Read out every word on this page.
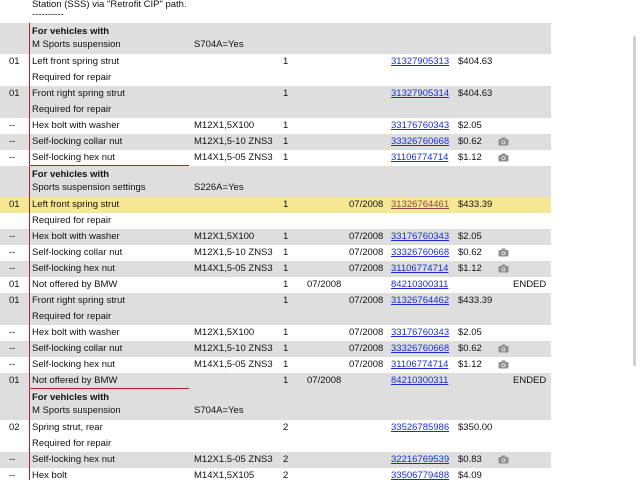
Station (SSS) via "Retrofit CIP" path.
----------
For vehicles with
M Sports suspension	S704A=Yes
01 Left front spring strut	1	31327905313 $404.63
Required for repair
01 Front right spring strut	1	31327905314 $404.63
Required for repair
-- Hex bolt with washer	M12X1,5X100	1	33176760343 $2.05
-- Self-locking collar nut	M12X1,5-10 ZNS3 1	33326760668 $0.62
-- Self-locking hex nut	M14X1,5-05 ZNS3 1	31106774714 $1.12
For vehicles with
Sports suspension settings	S226A=Yes
01 Left front spring strut	1	07/2008 31326764461 $433.39
Required for repair
-- Hex bolt with washer	M12X1,5X100	1	07/2008 33176760343 $2.05
-- Self-locking collar nut	M12X1,5-10 ZNS3 1	07/2008 33326760668 $0.62
-- Self-locking hex nut	M14X1,5-05 ZNS3 1	07/2008 31106774714 $1.12
01 Not offered by BMW	1 07/2008	84210300311	ENDED
01 Front right spring strut	1	07/2008 31326764462 $433.39
Required for repair
-- Hex bolt with washer	M12X1,5X100	1	07/2008 33176760343 $2.05
-- Self-locking collar nut	M12X1,5-10 ZNS3 1	07/2008 33326760668 $0.62
-- Self-locking hex nut	M14X1,5-05 ZNS3 1	07/2008 31106774714 $1.12
01 Not offered by BMW	1 07/2008	84210300311	ENDED
For vehicles with
M Sports suspension	S704A=Yes
02 Spring strut, rear	2	33526785986 $350.00
Required for repair
-- Self-locking hex nut	M12X1.5-05 ZNS3 2	32216769539 $0.83
-- Hex bolt	M14X1,5X105	2	33506779488 $4.09
